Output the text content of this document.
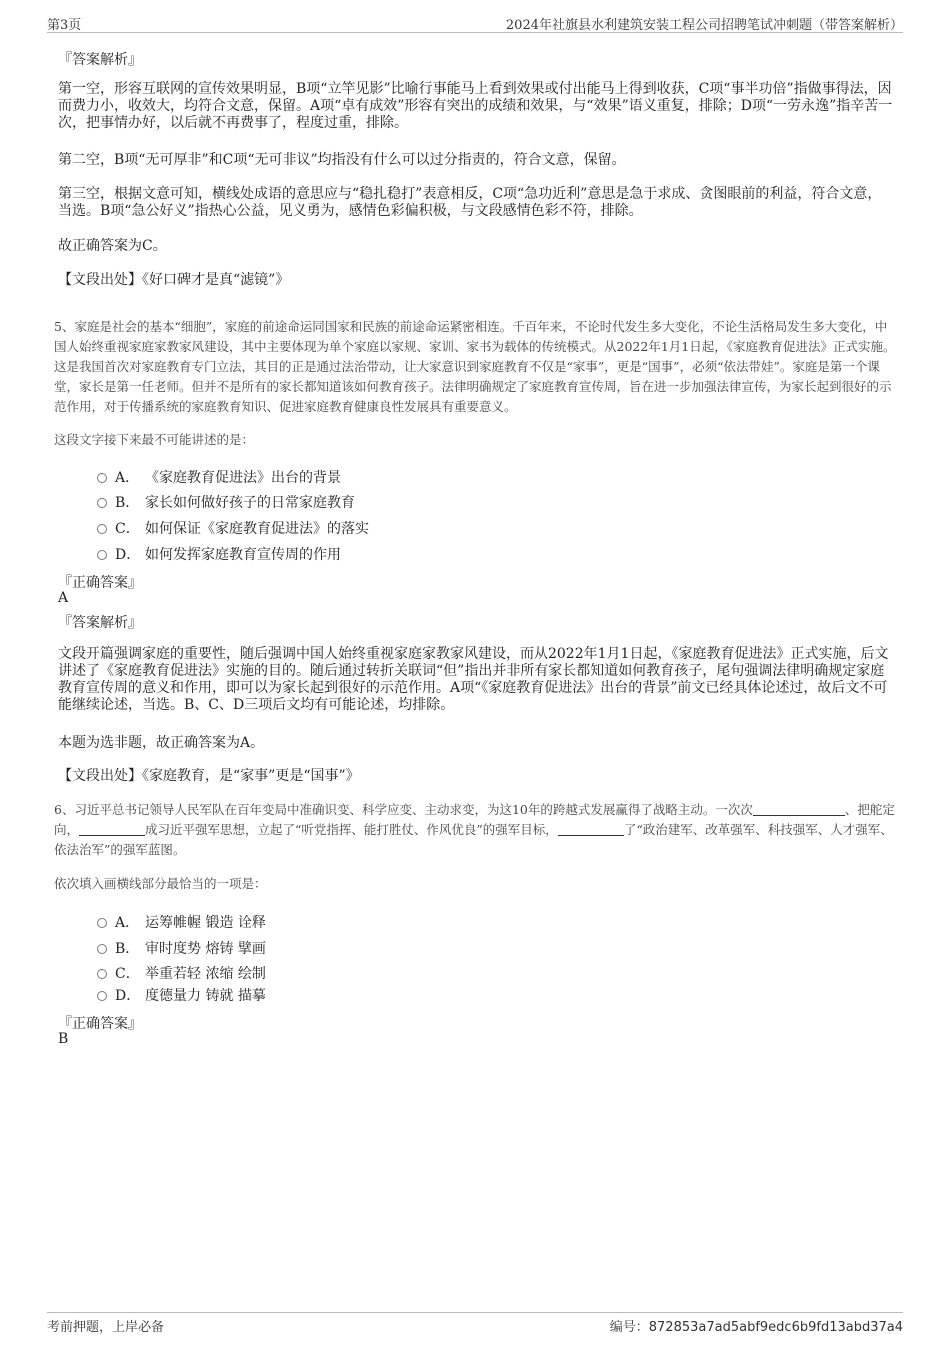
第3页	2024年社旗县水利建筑安装工程公司招聘笔试冲刺题（带答案解析）
『答案解析』
第一空，形容互联网的宣传效果明显，B项“立竿见影”比喻行事能马上看到效果或付出能马上得到收获，C项“事半功倍”指做事得法，因而费力小，收效大，均符合文意，保留。A项“卓有成效”形容有突出的成绩和效果，与“效果”语义重复，排除；D项“一劳永逸”指辛苦一次，把事情办好，以后就不再费事了，程度过重，排除。
第二空，B项“无可厚非”和C项“无可非议”均指没有什么可以过分指责的，符合文意，保留。
第三空，根据文意可知，横线处成语的意思应与“稳扎稳打”表意相反，C项“急功近利”意思是急于求成、贪图眼前的利益，符合文意，当选。B项“急公好义”指热心公益，见义勇为，感情色彩偏积极，与文段感情色彩不符，排除。
故正确答案为C。
【文段出处】《好口碑才是真“滤镜”》
5、家庭是社会的基本“细胞”，家庭的前途命运同国家和民族的前途命运紧密相连。千百年来，不论时代发生多大变化，不论生活格局发生多大变化，中国人始终重视家庭家教家风建设，其中主要体现为单个家庭以家规、家训、家书为载体的传统模式。从2022年1月1日起，《家庭教育促进法》正式实施。这是我国首次对家庭教育专门立法，其目的正是通过法治带动，让大家意识到家庭教育不仅是“家事”，更是“国事”，必须“依法带娃”。家庭是第一个课堂，家长是第一任老师。但并不是所有的家长都知道该如何教育孩子。法律明确规定了家庭教育宣传周，旨在进一步加强法律宣传，为家长起到很好的示范作用，对于传播系统的家庭教育知识、促进家庭教育健康良性发展具有重要意义。
这段文字接下来最不可能讲述的是：
A． 《家庭教育促进法》出台的背景
B． 家长如何做好孩子的日常家庭教育
C． 如何保证《家庭教育促进法》的落实
D． 如何发挥家庭教育宣传周的作用
『正确答案』
A
『答案解析』
文段开篇强调家庭的重要性，随后强调中国人始终重视家庭家教家风建设，而从2022年1月1日起，《家庭教育促进法》正式实施，后文讲述了《家庭教育促进法》实施的目的。随后通过转折关联词“但”指出并非所有家长都知道如何教育孩子，尾句强调法律明确规定家庭教育宣传周的意义和作用，即可以为家长起到很好的示范作用。A项“《家庭教育促进法》出台的背景”前文已经具体论述过，故后文不可能继续论述，当选。B、C、D三项后文均有可能论述，均排除。
本题为选非题，故正确答案为A。
【文段出处】《家庭教育，是“家事”更是“国事”》
6、习近平总书记领导人民军队在百年变局中准确识变、科学应变、主动求变，为这10年的跨越式发展赢得了战略主动。一次次	、把舵定向，	成习近平强军思想，立起了“听党指挥、能打胜仗、作风优良”的强军目标，	了“政治建军、改革强军、科技强军、人才强军、依法治军”的强军蓝图。
依次填入画横线部分最恰当的一项是：
A． 运筹帷幄 锻造 诠释
B． 审时度势 熔铸 擘画
C． 举重若轻 浓缩 绘制
D． 度德量力 铸就 描摹
『正确答案』
B
考前押题，上岸必备	编号：872853a7ad5abf9edc6b9fd13abd37a4
